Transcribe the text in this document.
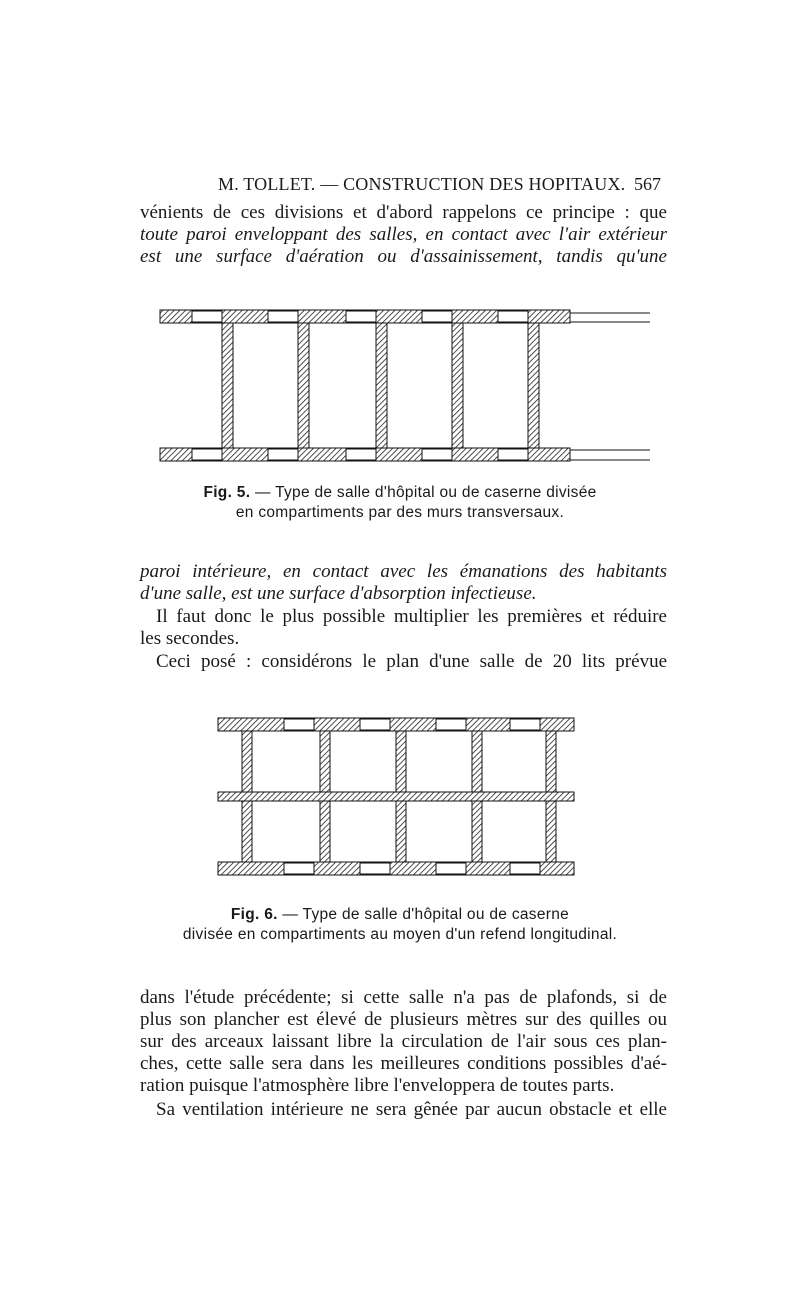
M. TOLLET. — CONSTRUCTION DES HOPITAUX. 567
vénients de ces divisions et d'abord rappelons ce principe : que
toute paroi enveloppant des salles, en contact avec l'air extérieur
est une surface d'aération ou d'assainissement, tandis qu'une
Fig. 5. — Type de salle d'hôpital ou de caserne divisée
en compartiments par des murs transversaux.
paroi intérieure, en contact avec les émanations des habitants
d'une salle, est une surface d'absorption infectieuse.
Il faut donc le plus possible multiplier les premières et réduire
les secondes.
Ceci posé : considérons le plan d'une salle de 20 lits prévue
Fig. 6. — Type de salle d'hôpital ou de caserne
divisée en compartiments au moyen d'un refend longitudinal.
dans l'étude précédente; si cette salle n'a pas de plafonds, si de
plus son plancher est élevé de plusieurs mètres sur des quilles ou
sur des arceaux laissant libre la circulation de l'air sous ces plan-
ches, cette salle sera dans les meilleures conditions possibles d'aé-
ration puisque l'atmosphère libre l'enveloppera de toutes parts.
Sa ventilation intérieure ne sera gênée par aucun obstacle et elle
